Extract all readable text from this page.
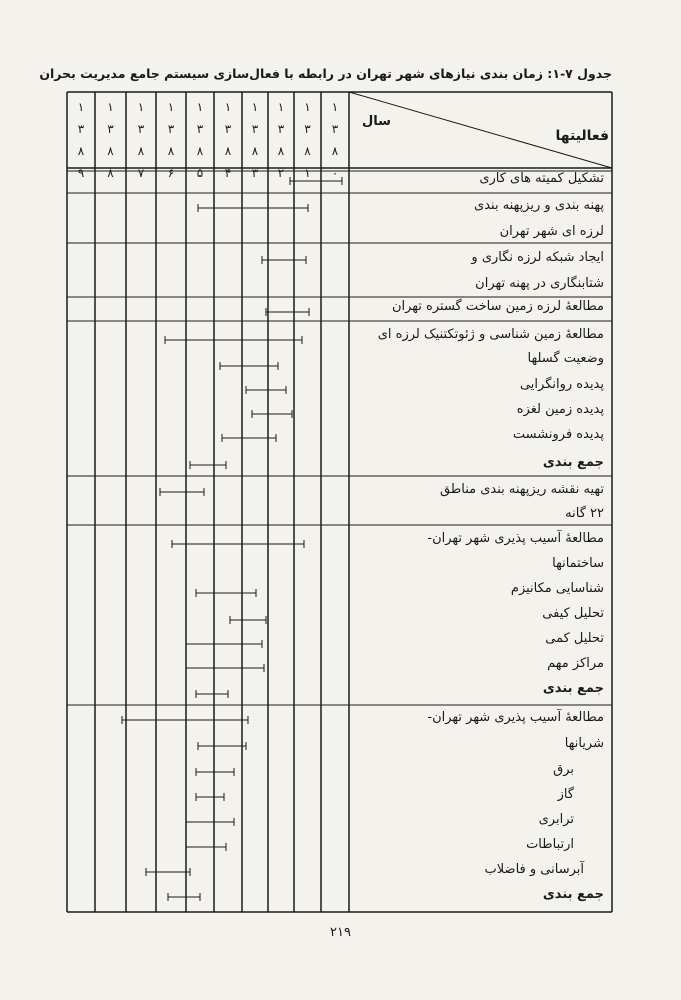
جدول ۷-۱: زمان بندی نیازهای شهر تهران در رابطه با فعال‌سازی سیستم جامع مدیریت بحران
فعالیتها
سال
۱
۳
۸
۰
۱
۳
۸
۱
۱
۳
۸
۲
۱
۳
۸
۳
۱
۳
۸
۴
۱
۳
۸
۵
۱
۳
۸
۶
۱
۳
۸
۷
۱
۳
۸
۸
۱
۳
۸
۹	تشکیل کمیته های کاری
پهنه بندی و ریزپهنه بندی
لرزه ای شهر تهران
ایجاد شبکه لرزه نگاری و
شتابنگاری در پهنه تهران
مطالعهٔ لرزه زمین ساخت گستره تهران
مطالعهٔ زمین شناسی و ژئوتکتنیک لرزه ای
وضعیت گسلها
پدیده روانگرایی
پدیده زمین لغزه
پدیده فرونشست
جمع بندی
تهیه نقشه ریزپهنه بندی مناطق
۲۲ گانه
مطالعهٔ آسیب پذیری شهر تهران-
ساختمانها
شناسایی مکانیزم
تحلیل کیفی
تحلیل کمی
مراکز مهم
جمع بندی
مطالعهٔ آسیب پذیری شهر تهران-
شریانها
برق
گاز
ترابری
ارتباطات
آبرسانی و فاضلاب
جمع بندی
۲۱۹
